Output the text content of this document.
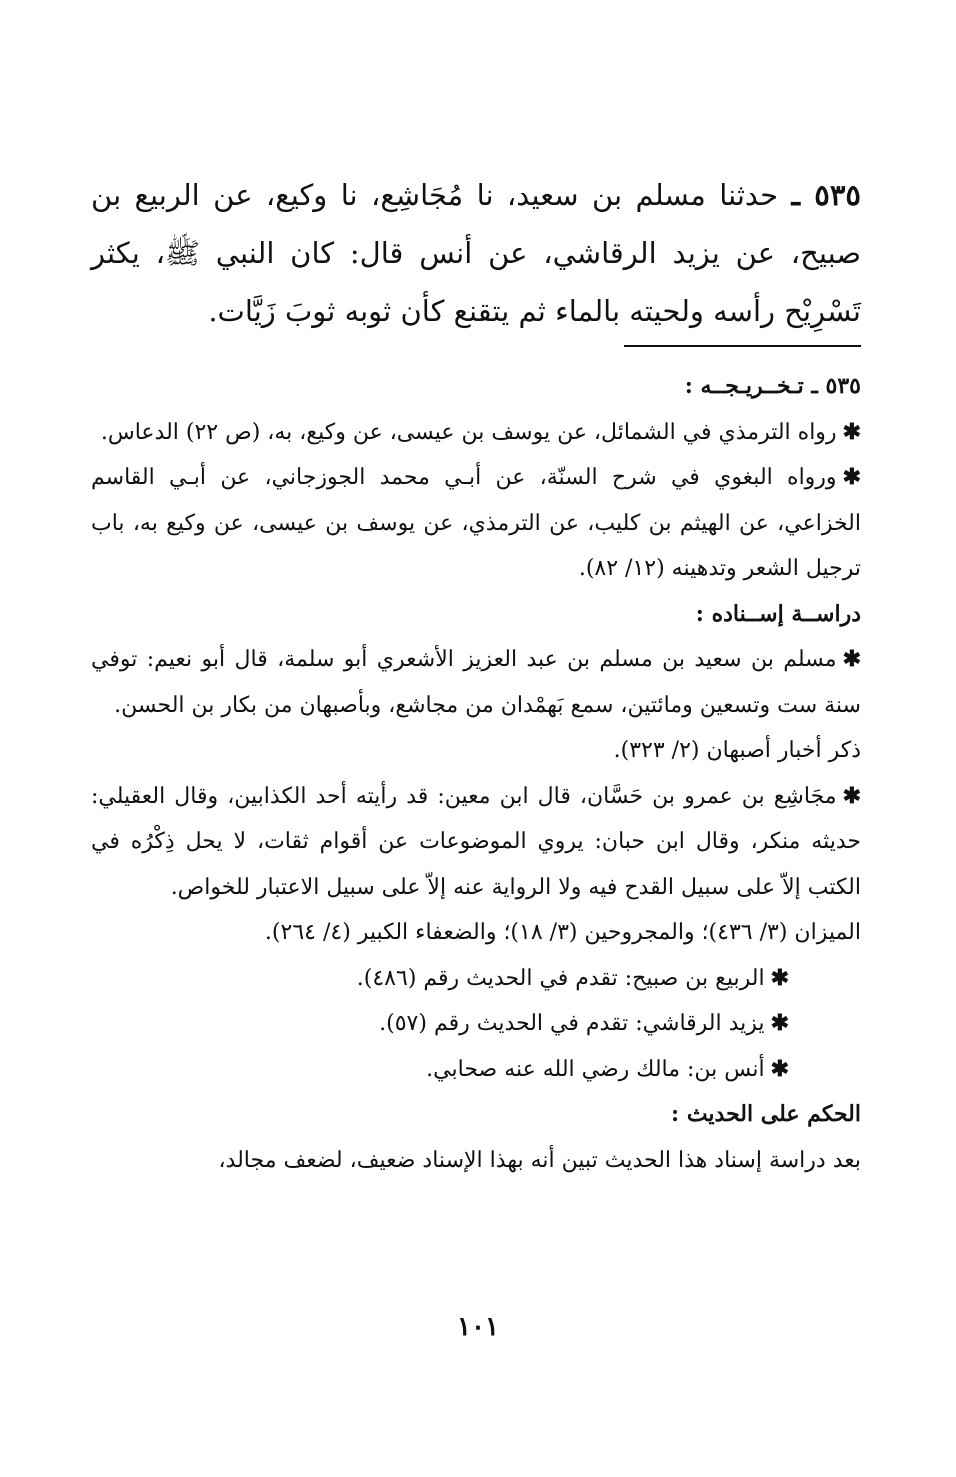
٥٣٥ ـ حدثنا مسلم بن سعيد، نا مُجَاشِع، نا وكيع، عن الربيع بن صبيح، عن يزيد الرقاشي، عن أنس قال: كان النبي ﷺ، يكثر تَسْرِيْح رأسه ولحيته بالماء ثم يتقنع كأن ثوبه ثوبَ زَيَّات.

٥٣٥ ـ تـخــريـجــه :

✱رواه الترمذي في الشمائل، عن يوسف بن عيسى، عن وكيع، به، (ص ٢٢) الدعاس.

✱ورواه البغوي في شرح السنّة، عن أبـي محمد الجوزجاني، عن أبـي القاسم الخزاعي، عن الهيثم بن كليب، عن الترمذي، عن يوسف بن عيسى، عن وكيع به، باب ترجيل الشعر وتدهينه (١٢/ ٨٢).

دراســة إســناده :

✱مسلم بن سعيد بن مسلم بن عبد العزيز الأشعري أبو سلمة، قال أبو نعيم: توفي سنة ست وتسعين ومائتين، سمع بَهمْدان من مجاشع، وبأصبهان من بكار بن الحسن.

ذكر أخبار أصبهان (٢/ ٣٢٣).

✱مجَاشِع بن عمرو بن حَسَّان، قال ابن معين: قد رأيته أحد الكذابين، وقال العقيلي: حديثه منكر، وقال ابن حبان: يروي الموضوعات عن أقوام ثقات، لا يحل ذِكْرُه في الكتب إلاّ على سبيل القدح فيه ولا الرواية عنه إلاّ على سبيل الاعتبار للخواص.

الميزان (٣/ ٤٣٦)؛ والمجروحين (٣/ ١٨)؛ والضعفاء الكبير (٤/ ٢٦٤).

✱الربيع بن صبيح: تقدم في الحديث رقم (٤٨٦).

✱يزيد الرقاشي: تقدم في الحديث رقم (٥٧).

✱أنس بن: مالك رضي الله عنه صحابي.

الحكم على الحديث :

بعد دراسة إسناد هذا الحديث تبين أنه بهذا الإسناد ضعيف، لضعف مجالد،

١٠١
